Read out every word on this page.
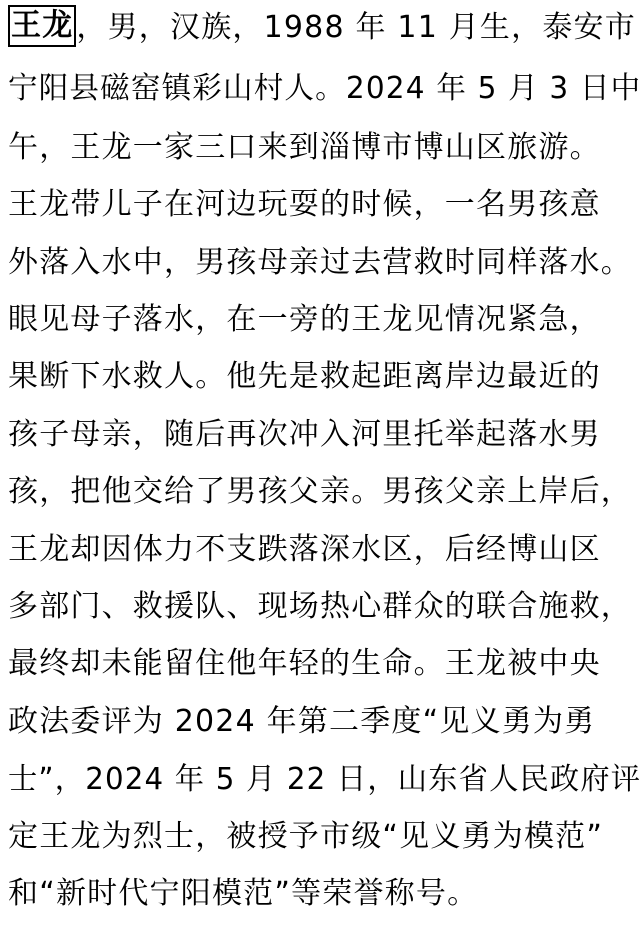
王龙 ，男，汉族，1988 年 11 月生，泰安市
宁阳县磁窑镇彩山村人。2024 年 5 月 3 日中
午，王龙一家三口来到淄博市博山区旅游。
王龙带儿子在河边玩耍的时候，一名男孩意
外落入水中，男孩母亲过去营救时同样落水。
眼见母子落水，在一旁的王龙见情况紧急，
果断下水救人。他先是救起距离岸边最近的
孩子母亲，随后再次冲入河里托举起落水男
孩，把他交给了男孩父亲。男孩父亲上岸后，
王龙却因体力不支跌落深水区，后经博山区
多部门、救援队、现场热心群众的联合施救，
最终却未能留住他年轻的生命。王龙被中央
政法委评为 2024 年第二季度“见义勇为勇
士”，2024 年 5 月 22 日，山东省人民政府评
定王龙为烈士，被授予市级“见义勇为模范”
和“新时代宁阳模范”等荣誉称号。
